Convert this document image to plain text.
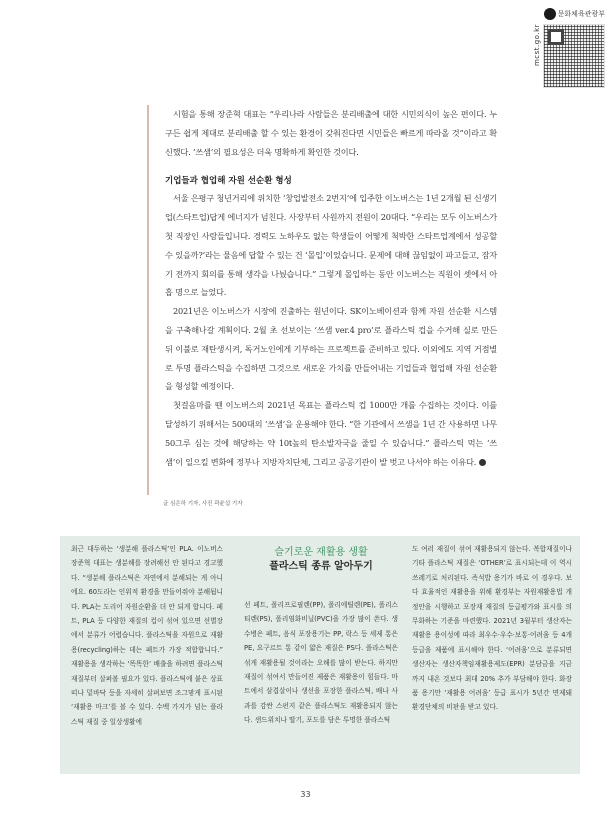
문화체육관광부
mcst.go.kr

시험을 통해 장준혁 대표는 “우리나라 사람들은 분리배출에 대한 시민의식이 높은 편이다. 누구든 쉽게 제대로 분리배출 할 수 있는 환경이 갖춰진다면 시민들은 빠르게 따라올 것”이라고 확신했다. ‘쓰샘’의 필요성은 더욱 명확하게 확인한 것이다.

기업들과 협업해 자원 선순환 형성

서울 은평구 청년거리에 위치한 ‘창업발전소 2번지’에 입주한 이노버스는 1년 2개월 된 신생기업(스타트업)답게 에너지가 넘친다. 사장부터 사원까지 전원이 20대다. “우리는 모두 이노버스가 첫 직장인 사람들입니다. 경력도 노하우도 없는 학생들이 어떻게 척박한 스타트업계에서 성공할 수 있을까?’라는 물음에 답할 수 있는 건 ‘몰입’이었습니다. 문제에 대해 끊임없이 파고들고, 잠자기 전까지 회의를 통해 생각을 나눴습니다.” 그렇게 몰입하는 동안 이노버스는 직원이 셋에서 아홉 명으로 늘었다.

2021년은 이노버스가 시장에 진출하는 원년이다. SK이노베이션과 함께 자원 선순환 시스템을 구축해나갈 계획이다. 2월 초 선보이는 ‘쓰샘 ver.4 pro’로 플라스틱 컵을 수거해 실로 만든 뒤 이불로 재탄생시켜, 독거노인에게 기부하는 프로젝트를 준비하고 있다. 이외에도 지역 거점별로 투명 플라스틱을 수집하면 그것으로 새로운 가치를 만들어내는 기업들과 협업해 자원 선순환을 형성할 예정이다.

첫걸음마를 뗀 이노버스의 2021년 목표는 플라스틱 컵 1000만 개를 수집하는 것이다. 이를 달성하기 위해서는 500대의 ‘쓰샘’을 운용해야 한다. “한 기관에서 쓰샘을 1년 간 사용하면 나무 50그루 심는 것에 해당하는 약 10t높의 탄소발자국을 줄일 수 있습니다.” 플라스틱 먹는 ‘쓰샘’이 일으킬 변화에 정부나 지방자치단체, 그리고 공공기관이 발 벗고 나서야 하는 이유다.

글 심은하 기자, 사진 곽윤섭 기자

최근 대두하는 ‘생분해 플라스틱’인 PLA. 이노버스 장준혁 대표는 생분해를 장려해선 안 된다고 경고했다. “생분해 플라스틱은 자연에서 분해되는 게 아니에요. 60도라는 인위적 환경을 만들어줘야 분해됩니다. PLA는 도리어 자원순환을 더 안 되게 합니다. 페트, PLA 등 다양한 재질의 컵이 섞여 있으면 선별장에서 분류가 어렵습니다. 플라스틱을 자원으로 재활용(recycling)하는 데는 페트가 가장 적합합니다.” 재활용을 생각하는 ‘똑똑한’ 배출을 하려면 플라스틱 재질부터 살펴볼 필요가 있다. 플라스틱에 붙은 상표띠나 밑바닥 등을 자세히 살펴보면 조그맣게 표시된 ‘재활용 마크’를 볼 수 있다. 수백 가지가 넘는 플라스틱 재질 중 일상생활에

슬기로운 재활용 생활
플라스틱 종류 알아두기

선 페트, 폴리프로필렌(PP), 폴리에틸렌(PE), 폴리스티렌(PS), 폴리염화비닐(PVC)을 가장 많이 쓴다. 생수병은 페트, 음식 포장용기는 PP, 락스 등 세제 통은 PE, 요구르트 통 같이 얇은 재질은 PS다. 플라스틱은 섞게 재활용될 것이라는 오해를 많이 받는다. 하지만 재질이 섞여서 만들어진 제품은 재활용이 힘들다. 마트에서 삼겹살이나 생선을 포장한 플라스틱, 배나 사과를 감싼 스펀지 같은 플라스틱도 재활용되지 않는다. 샌드위치나 딸기, 포도를 담은 투명한 플라스틱

도 여러 재질이 섞여 재활용되지 않는다. 복합재질이나 기타 플라스틱 재질은 ‘OTHER’로 표시되는데 이 역시 쓰레기로 처리된다. 즉석밥 용기가 바로 이 경우다. 보다 효율적인 재활용을 위해 환경부는 자원재활용법 개정안을 시행하고 포장재 재질의 등급평가와 표시를 의무화하는 기준을 마련했다. 2021년 3월부터 생산자는 재활용 용이성에 따라 최우수·우수·보통·어려움 등 4개 등급을 제품에 표시해야 한다. ‘어려움’으로 분류되면 생산자는 생산자책임재활용제도(EPR) 분담금을 지금까지 내온 것보다 최대 20% 추가 부담해야 한다. 화장품 용기만 ‘재활용 어려움’ 등급 표시가 5년간 면제돼 환경단체의 비판을 받고 있다.

33
